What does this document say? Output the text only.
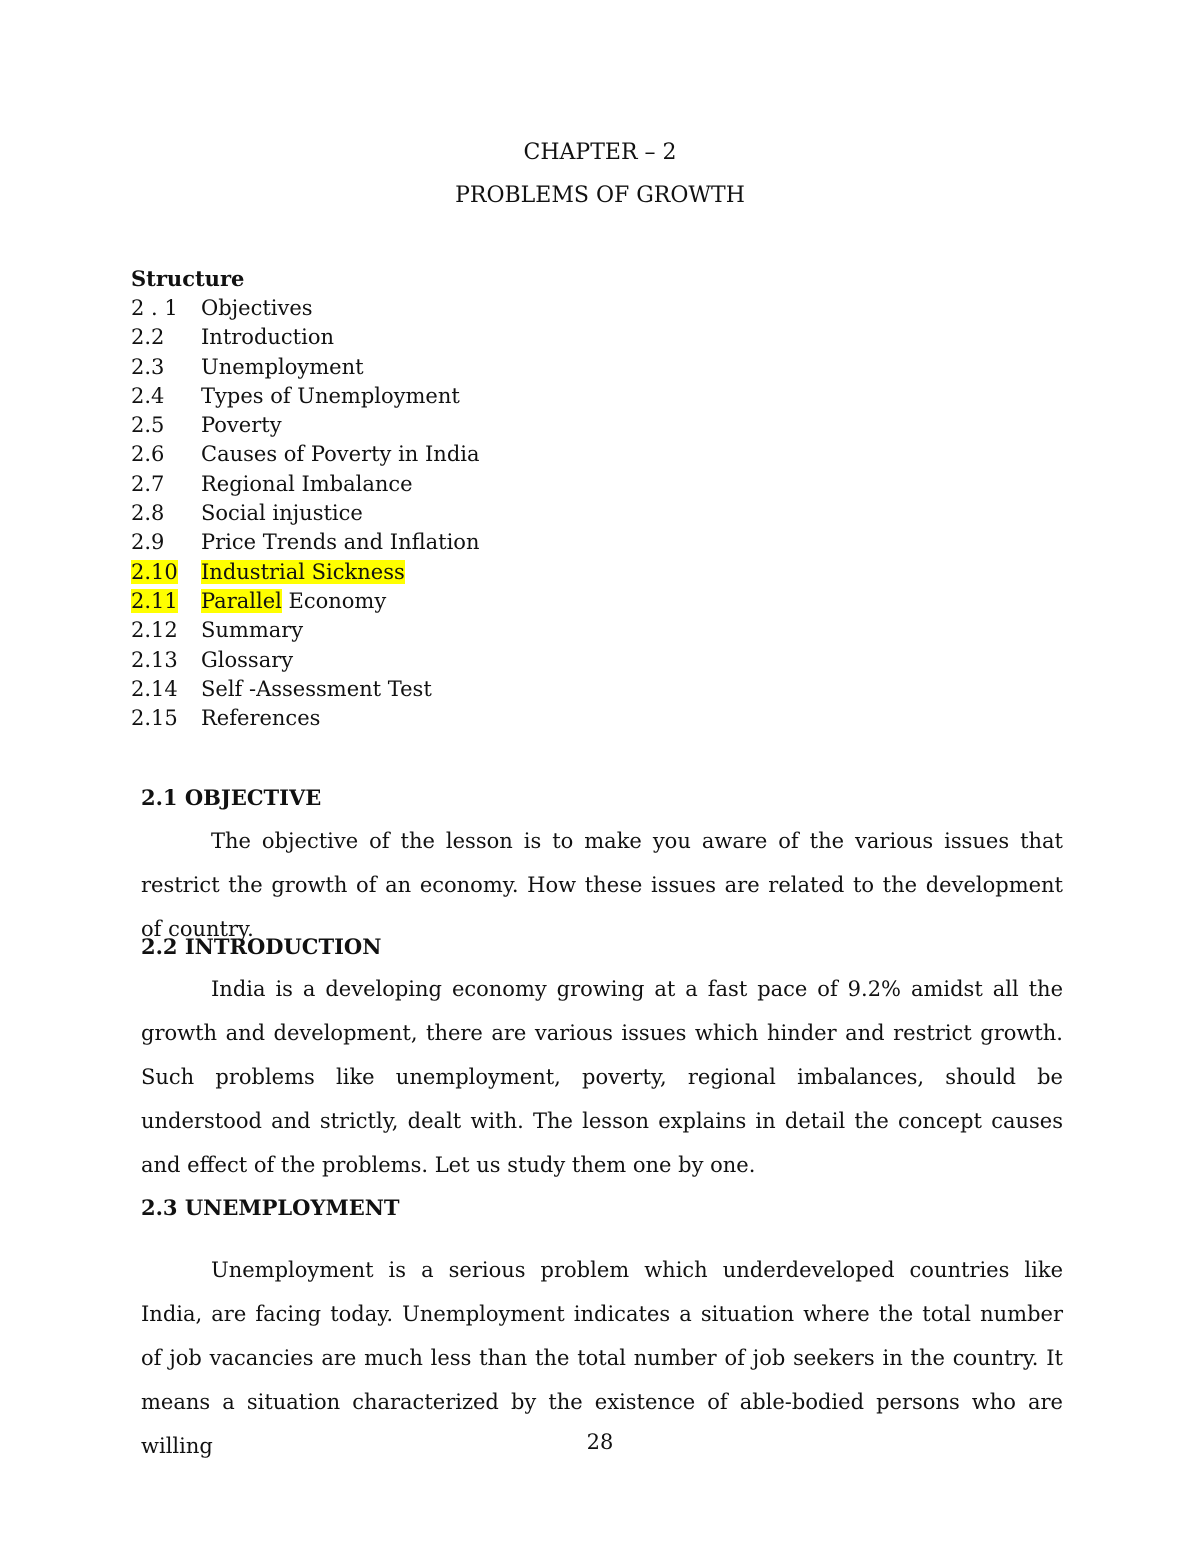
CHAPTER – 2
PROBLEMS OF GROWTH
Structure
2 . 1 Objectives
2.2 Introduction
2.3 Unemployment
2.4 Types of Unemployment
2.5 Poverty
2.6 Causes of Poverty in India
2.7 Regional Imbalance
2.8 Social injustice
2.9 Price Trends and Inflation
2.10 Industrial Sickness
2.11 Parallel Economy
2.12 Summary
2.13 Glossary
2.14 Self -Assessment Test
2.15 References
2.1 OBJECTIVE

The objective of the lesson is to make you aware of the various issues that restrict the growth of an economy. How these issues are related to the development of country.

2.2 INTRODUCTION

India is a developing economy growing at a fast pace of 9.2% amidst all the growth and development, there are various issues which hinder and restrict growth. Such problems like unemployment, poverty, regional imbalances, should be understood and strictly, dealt with. The lesson explains in detail the concept causes and effect of the problems. Let us study them one by one.

2.3 UNEMPLOYMENT

Unemployment is a serious problem which underdeveloped countries like India, are facing today. Unemployment indicates a situation where the total number of job vacancies are much less than the total number of job seekers in the country. It means a situation characterized by the existence of able-bodied persons who are willing	28
